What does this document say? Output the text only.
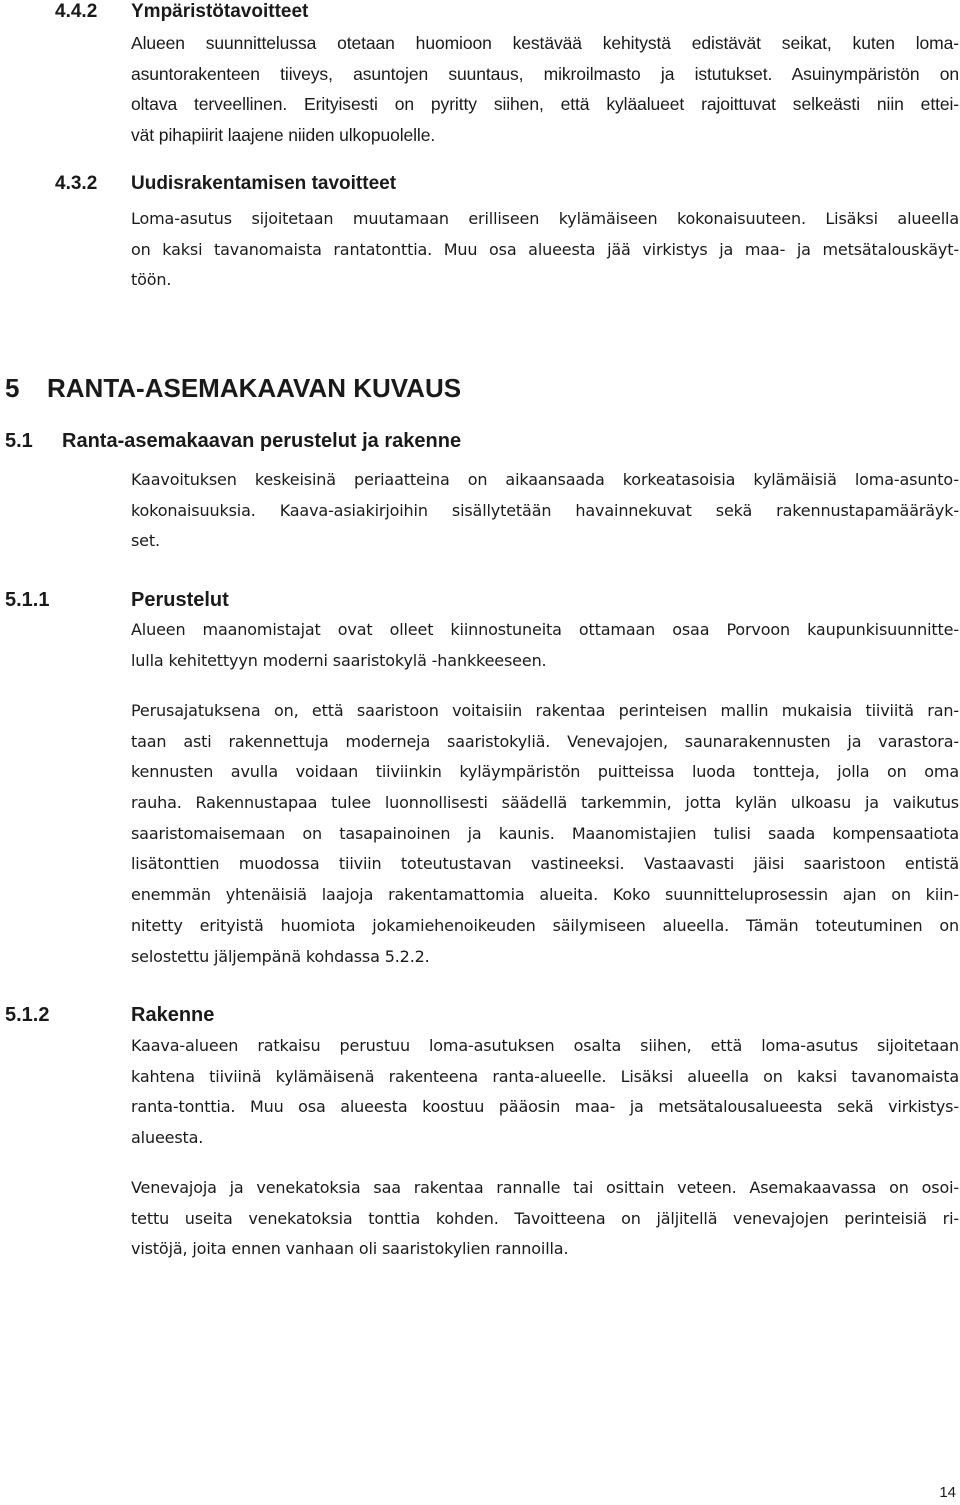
4.4.2 Ympäristötavoitteet
Alueen suunnittelussa otetaan huomioon kestävää kehitystä edistävät seikat, kuten loma-
asuntorakenteen tiiveys, asuntojen suuntaus, mikroilmasto ja istutukset. Asuinympäristön on
oltava terveellinen. Erityisesti on pyritty siihen, että kyläalueet rajoittuvat selkeästi niin ettei-
vät pihapiirit laajene niiden ulkopuolelle.
4.3.2 Uudisrakentamisen tavoitteet
Loma-asutus sijoitetaan muutamaan erilliseen kylämäiseen kokonaisuuteen. Lisäksi alueella
on kaksi tavanomaista rantatonttia. Muu osa alueesta jää virkistys ja maa- ja metsätalouskäyt-
töön.
5 RANTA-ASEMAKAAVAN KUVAUS
5.1 Ranta-asemakaavan perustelut ja rakenne
Kaavoituksen keskeisinä periaatteina on aikaansaada korkeatasoisia kylämäisiä loma-asunto-
kokonaisuuksia. Kaava-asiakirjoihin sisällytetään havainnekuvat sekä rakennustapamääräyk-
set.
5.1.1	Perustelut
Alueen maanomistajat ovat olleet kiinnostuneita ottamaan osaa Porvoon kaupunkisuunnitte-
lulla kehitettyyn moderni saaristokylä -hankkeeseen.
Perusajatuksena on, että saaristoon voitaisiin rakentaa perinteisen mallin mukaisia tiiviitä ran-
taan asti rakennettuja moderneja saaristokyliä. Venevajojen, saunarakennusten ja varastora-
kennusten avulla voidaan tiiviinkin kyläympäristön puitteissa luoda tontteja, jolla on oma
rauha. Rakennustapaa tulee luonnollisesti säädellä tarkemmin, jotta kylän ulkoasu ja vaikutus
saaristomaisemaan on tasapainoinen ja kaunis. Maanomistajien tulisi saada kompensaatiota
lisätonttien muodossa tiiviin toteutustavan vastineeksi. Vastaavasti jäisi saaristoon entistä
enemmän yhtenäisiä laajoja rakentamattomia alueita. Koko suunnitteluprosessin ajan on kiin-
nitetty erityistä huomiota jokamiehenoikeuden säilymiseen alueella. Tämän toteutuminen on
selostettu jäljempänä kohdassa 5.2.2.
5.1.2	Rakenne
Kaava-alueen ratkaisu perustuu loma-asutuksen osalta siihen, että loma-asutus sijoitetaan
kahtena tiiviinä kylämäisenä rakenteena ranta-alueelle. Lisäksi alueella on kaksi tavanomaista
ranta-tonttia. Muu osa alueesta koostuu pääosin maa- ja metsätalousalueesta sekä virkistys-
alueesta.
Venevajoja ja venekatoksia saa rakentaa rannalle tai osittain veteen. Asemakaavassa on osoi-
tettu useita venekatoksia tonttia kohden. Tavoitteena on jäljitellä venevajojen perinteisiä ri-
vistöjä, joita ennen vanhaan oli saaristokylien rannoilla.
14
